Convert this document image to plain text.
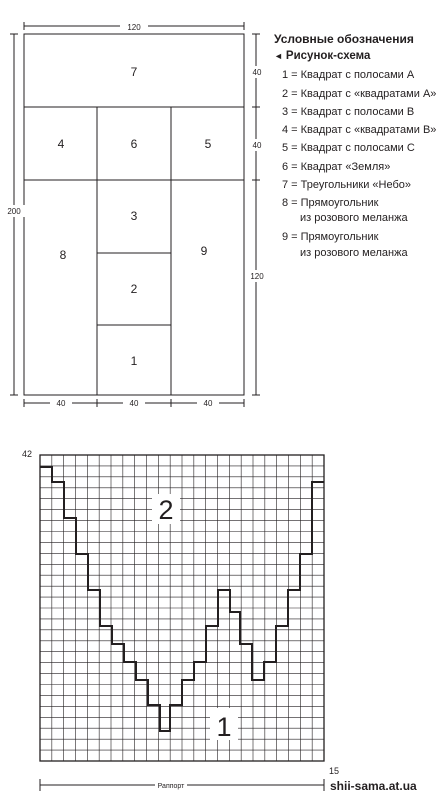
120
200
40
40
120
40	40	40
7
4	6	5
3
8	9
2
1
2
1
42
15
Раппорт
Условные обозначения
◄ Рисунок-схема
1 = Квадрат с полосами А
2 = Квадрат с «квадратами А»
3 = Квадрат с полосами В
4 = Квадрат с «квадратами В»
5 = Квадрат с полосами С
6 = Квадрат «Земля»
7 = Треугольники «Небо»
8 = Прямоугольник
из розового меланжа
9 = Прямоугольник
из розового меланжа
shii-sama.at.ua
